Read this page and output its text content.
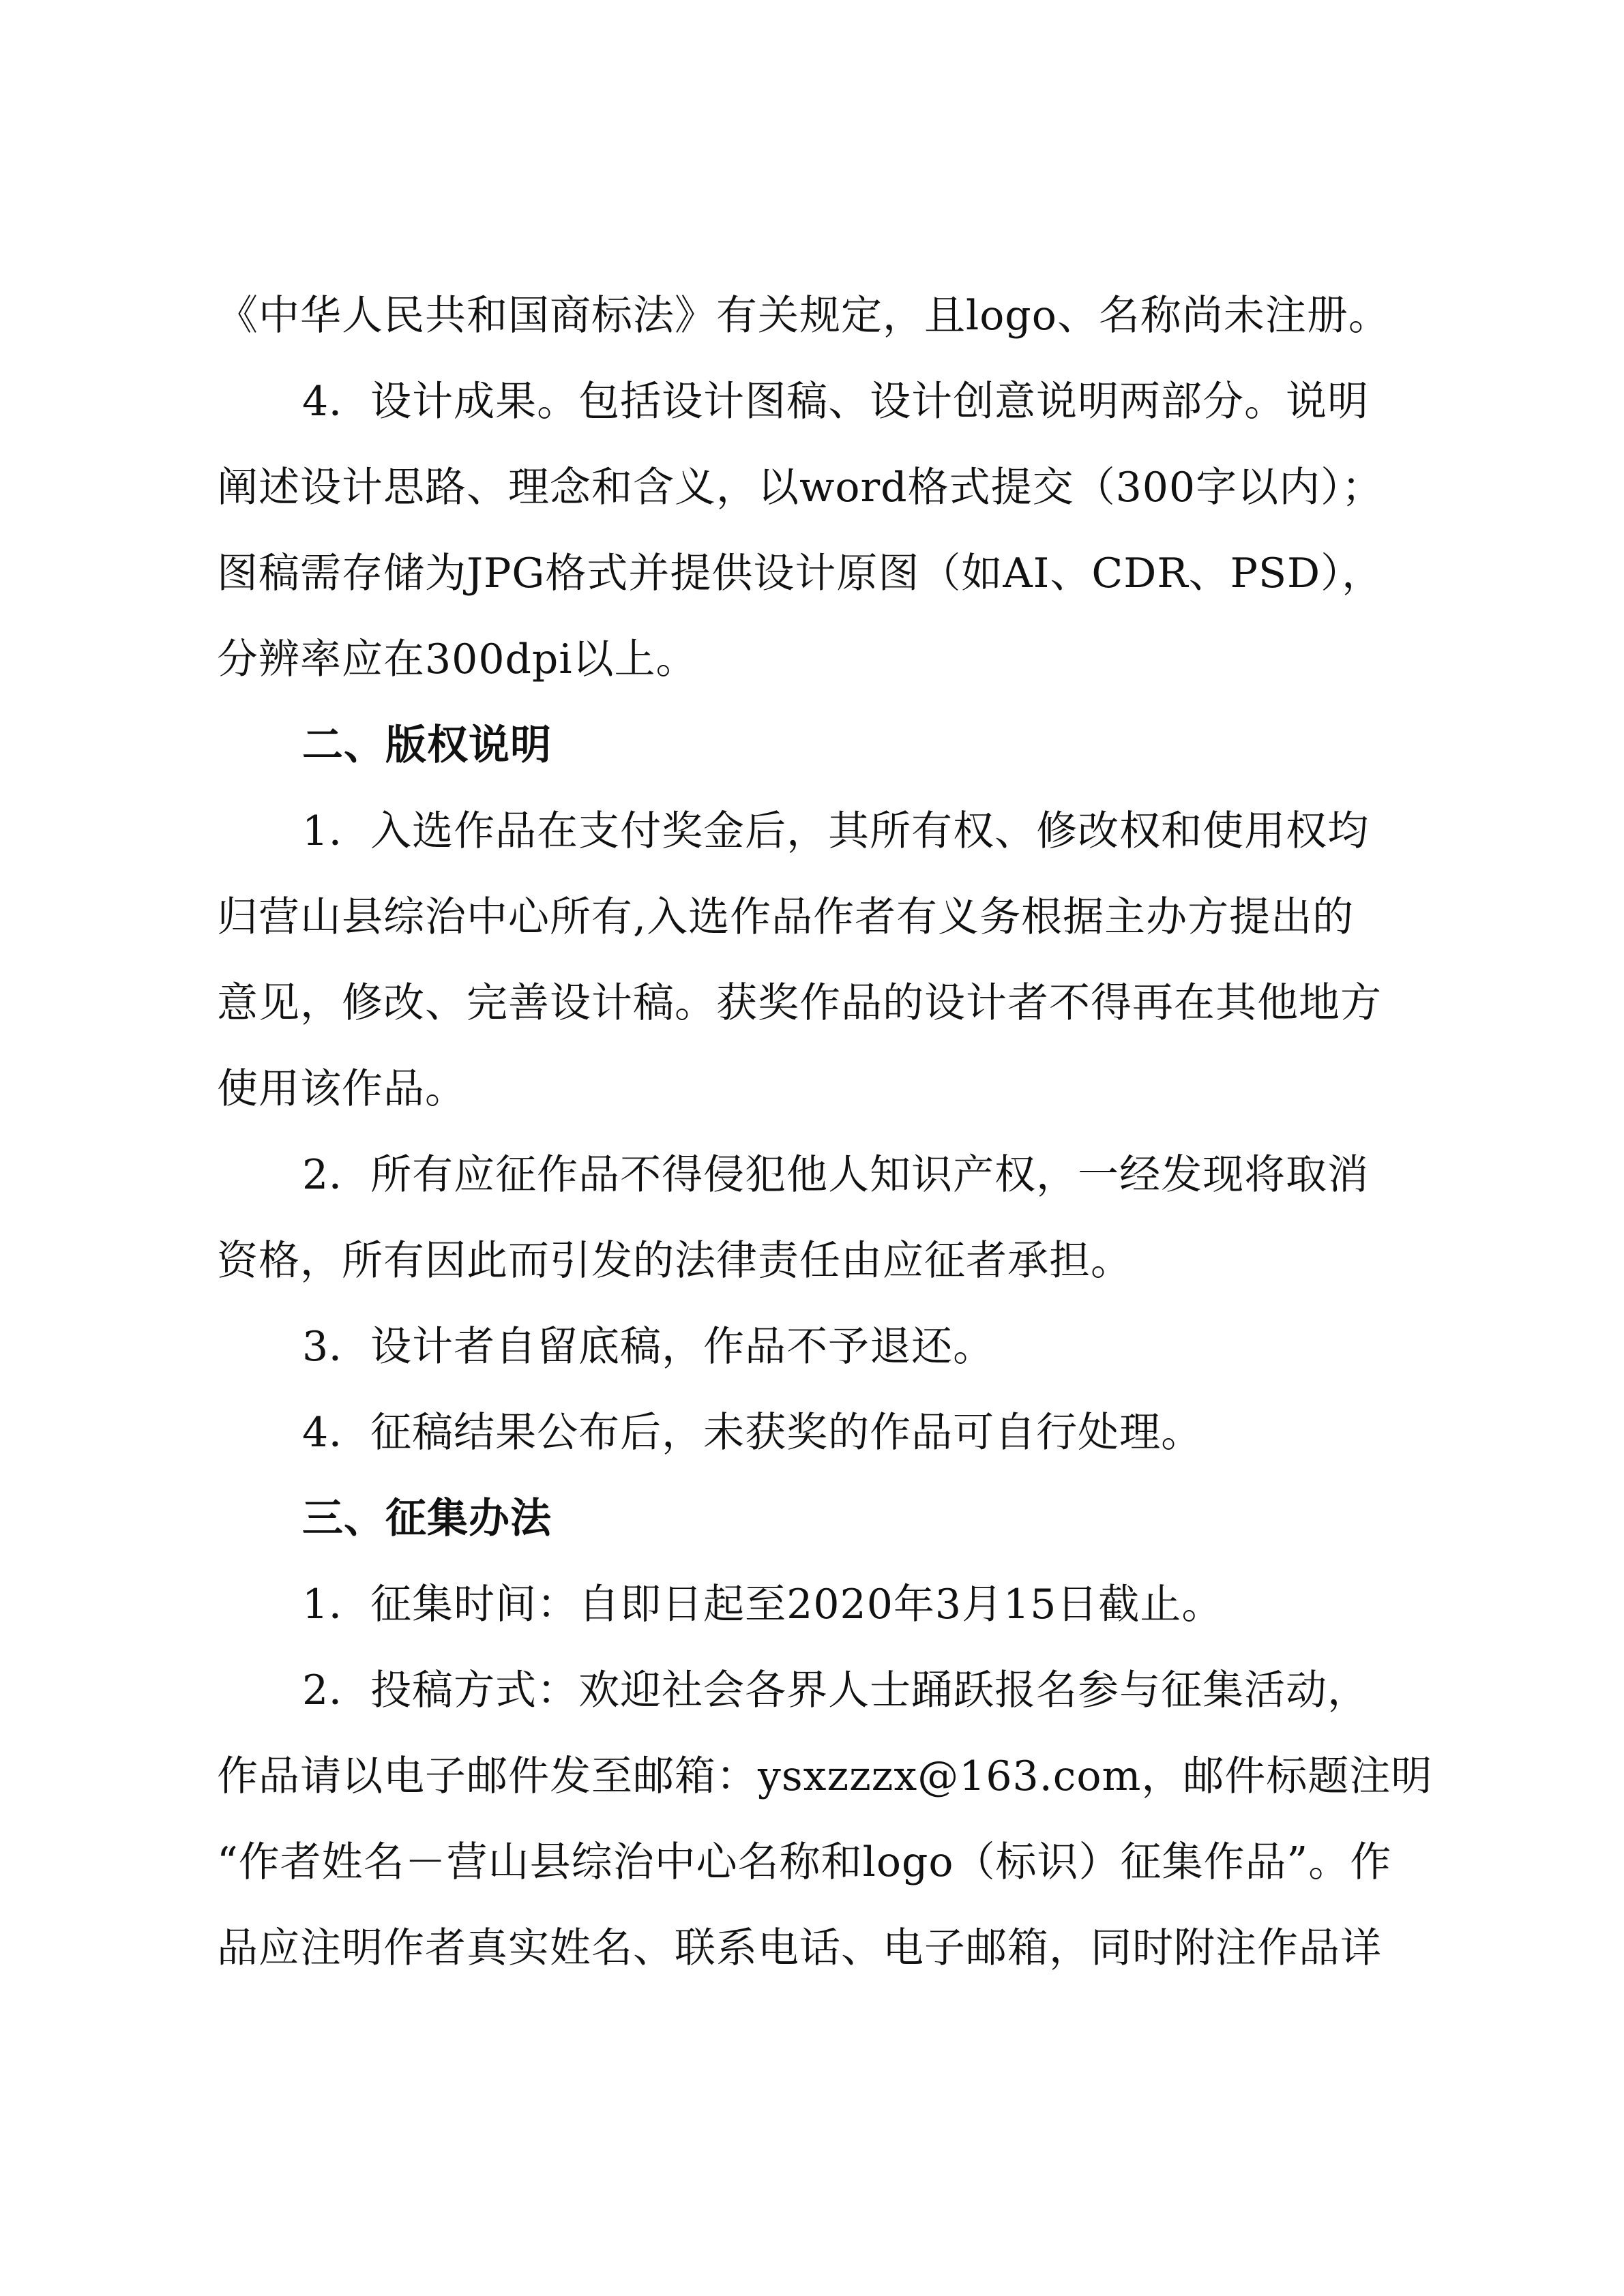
《中华人民共和国商标法》有关规定，且logo、名称尚未注册。
4．设计成果。包括设计图稿、设计创意说明两部分。说明
阐述设计思路、理念和含义，以word格式提交（300字以内）；
图稿需存储为JPG格式并提供设计原图（如AI、CDR、PSD），
分辨率应在300dpi以上。
二、版权说明
1．入选作品在支付奖金后，其所有权、修改权和使用权均
归营山县综治中心所有,入选作品作者有义务根据主办方提出的
意见，修改、完善设计稿。获奖作品的设计者不得再在其他地方
使用该作品。
2．所有应征作品不得侵犯他人知识产权，一经发现将取消
资格，所有因此而引发的法律责任由应征者承担。
3．设计者自留底稿，作品不予退还。
4．征稿结果公布后，未获奖的作品可自行处理。
三、征集办法
1．征集时间：自即日起至2020年3月15日截止。
2．投稿方式：欢迎社会各界人士踊跃报名参与征集活动，
作品请以电子邮件发至邮箱：ysxzzzx@163.com，邮件标题注明
“作者姓名－营山县综治中心名称和logo（标识）征集作品”。作
品应注明作者真实姓名、联系电话、电子邮箱，同时附注作品详
